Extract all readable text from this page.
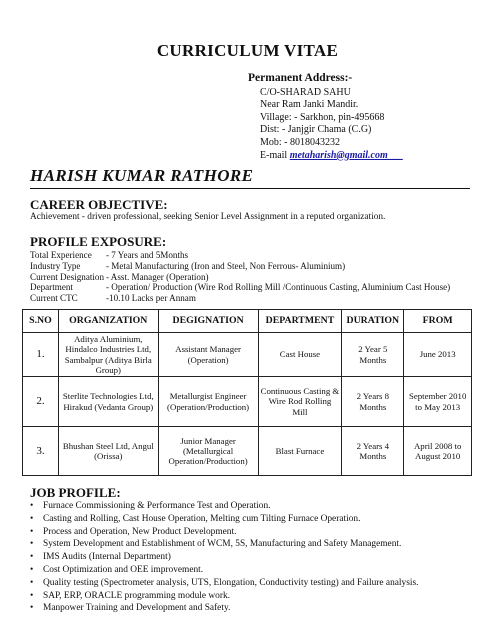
CURRICULUM VITAE
Permanent Address:-
C/O-SHARAD SAHU
Near Ram Janki Mandir.
Village: - Sarkhon, pin-495668
Dist: - Janjgir Chama (C.G)
Mob: - 8018043232
E-mail metaharish@gmail.com___
HARISH KUMAR RATHORE
CAREER OBJECTIVE:
Achievement - driven professional, seeking Senior Level Assignment in a reputed organization.
PROFILE EXPOSURE:
Total Experience	- 7 Years and 5Months
Industry Type	- Metal Manufacturing (Iron and Steel, Non Ferrous- Aluminium)
Current Designation - Asst. Manager (Operation)
Department	- Operation/ Production (Wire Rod Rolling Mill /Continuous Casting, Aluminium Cast House)
Current CTC	-10.10 Lacks per Annam
S.NO	ORGANIZATION	DEGIGNATION	DEPARTMENT	DURATION	FROM
1.	Aditya Aluminium, Hindalco Industries Ltd, Sambalpur (Aditya Birla Group)	Assistant Manager (Operation)	Cast House	2 Year 5 Months	June 2013
2.	Sterlite Technologies Ltd, Hirakud (Vedanta Group)	Metallurgist Engineer (Operation/Production)	Continuous Casting & Wire Rod Rolling Mill	2 Years 8 Months	September 2010 to May 2013
3.	Bhushan Steel Ltd, Angul (Orissa)	Junior Manager (Metallurgical Operation/Production)	Blast Furnace	2 Years 4 Months	April 2008 to August 2010
JOB PROFILE:
• Furnace Commissioning & Performance Test and Operation.
• Casting and Rolling, Cast House Operation, Melting cum Tilting Furnace Operation.
• Process and Operation, New Product Development.
• System Development and Establishment of WCM, 5S, Manufacturing and Safety Management.
• IMS Audits (Internal Department)
• Cost Optimization and OEE improvement.
• Quality testing (Spectrometer analysis, UTS, Elongation, Conductivity testing) and Failure analysis.
• SAP, ERP, ORACLE programming module work.
• Manpower Training and Development and Safety.
